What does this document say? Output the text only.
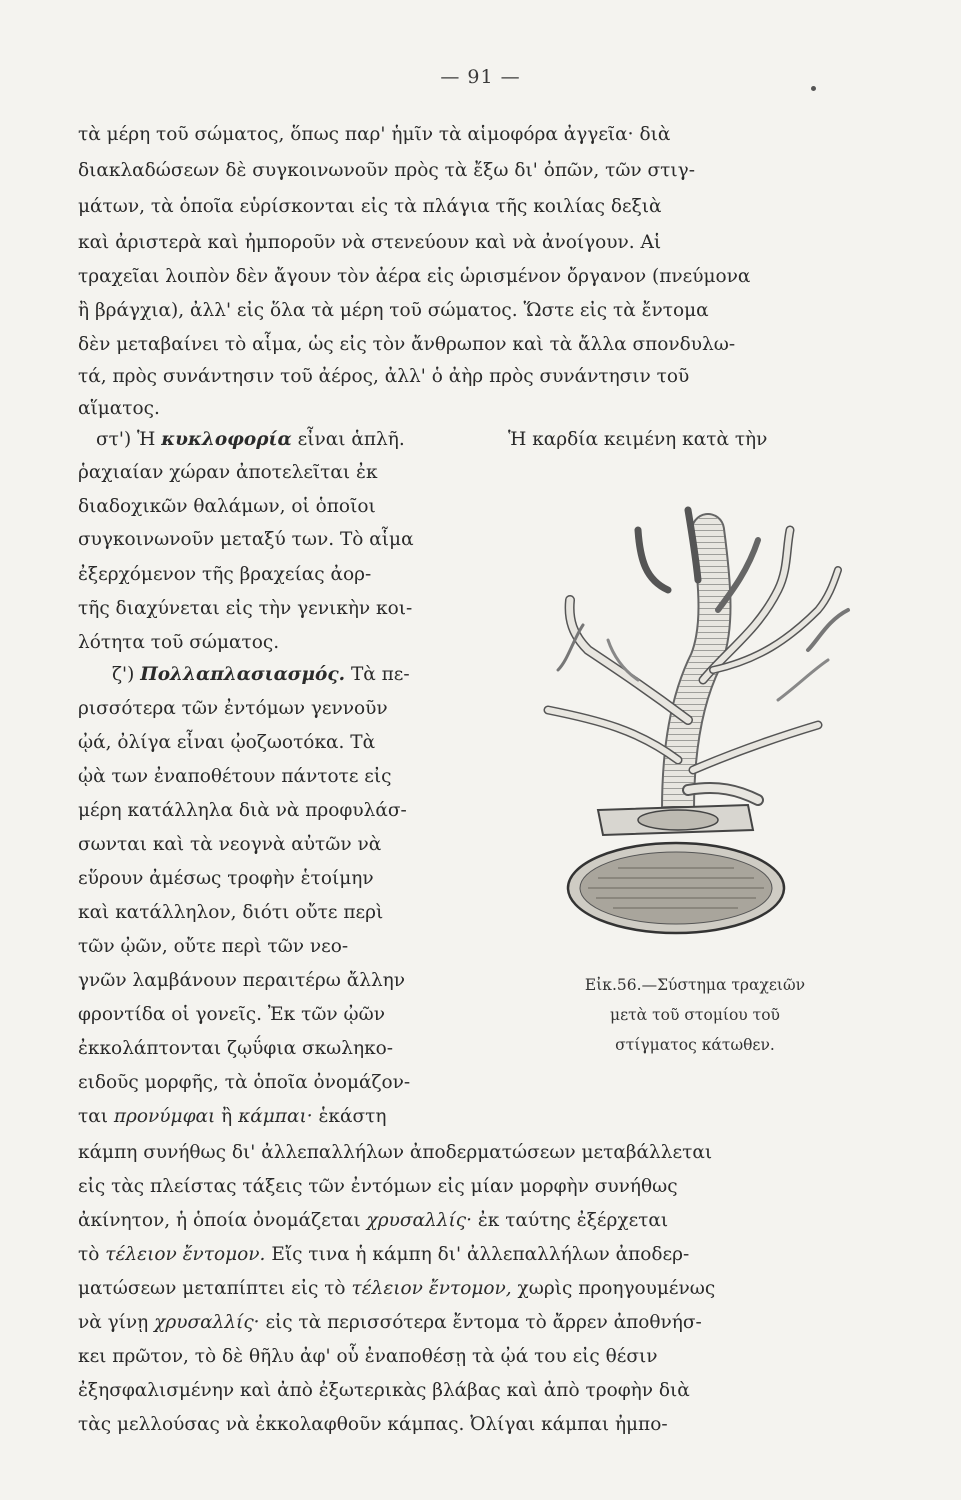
— 91 —

τὰ μέρη τοῦ σώματος, ὅπως παρ' ἡμῖν τὰ αἱμοφόρα ἀγγεῖα· διὰ

διακλαδώσεων δὲ συγκοινωνοῦν πρὸς τὰ ἔξω δι' ὀπῶν, τῶν στιγ-

μάτων, τὰ ὁποῖα εὑρίσκονται εἰς τὰ πλάγια τῆς κοιλίας δεξιὰ

καὶ ἀριστερὰ καὶ ἠμποροῦν νὰ στενεύουν καὶ νὰ ἀνοίγουν. Αἱ

τραχεῖαι λοιπὸν δὲν ἄγουν τὸν ἀέρα εἰς ὡρισμένον ὄργανον (πνεύμονα

ἢ βράγχια), ἀλλ' εἰς ὅλα τὰ μέρη τοῦ σώματος. Ὥστε εἰς τὰ ἔντομα

δὲν μεταβαίνει τὸ αἷμα, ὡς εἰς τὸν ἄνθρωπον καὶ τὰ ἄλλα σπονδυλω-

τά, πρὸς συνάντησιν τοῦ ἀέρος, ἀλλ' ὁ ἀὴρ πρὸς συνάντησιν τοῦ

αἵματος.

στ') Ἡ κυκλοφορία εἶναι ἁπλῆ.	Ἡ καρδία κειμένη κατὰ τὴν

ῥαχιαίαν χώραν ἀποτελεῖται ἐκ

διαδοχικῶν θαλάμων, οἱ ὁποῖοι

συγκοινωνοῦν μεταξύ των. Τὸ αἷμα

ἐξερχόμενον τῆς βραχείας ἀορ-

τῆς διαχύνεται εἰς τὴν γενικὴν κοι-

λότητα τοῦ σώματος.

ζ') Πολλαπλασιασμός. Τὰ πε-

ρισσότερα τῶν ἐντόμων γεννοῦν

ᾠά, ὀλίγα εἶναι ᾠοζωοτόκα. Τὰ

ᾠὰ των ἐναποθέτουν πάντοτε εἰς

μέρη κατάλληλα διὰ νὰ προφυλάσ-

σωνται καὶ τὰ νεογνὰ αὐτῶν νὰ

εὕρουν ἀμέσως τροφὴν ἑτοίμην

καὶ κατάλληλον, διότι οὔτε περὶ

τῶν ᾠῶν, οὔτε περὶ τῶν νεο-

γνῶν λαμβάνουν περαιτέρω ἄλλην

φροντίδα οἱ γονεῖς. Ἐκ τῶν ᾠῶν

ἐκκολάπτονται ζῳΰφια σκωληκο-

ειδοῦς μορφῆς, τὰ ὁποῖα ὀνομάζον-

ται προνύμφαι ἢ κάμπαι· ἑκάστη

κάμπη συνήθως δι' ἀλλεπαλλήλων ἀποδερματώσεων μεταβάλλεται

εἰς τὰς πλείστας τάξεις τῶν ἐντόμων εἰς μίαν μορφὴν συνήθως

ἀκίνητον, ἡ ὁποία ὀνομάζεται χρυσαλλίς· ἐκ ταύτης ἐξέρχεται

τὸ τέλειον ἔντομον. Εἴς τινα ἡ κάμπη δι' ἀλλεπαλλήλων ἀποδερ-

ματώσεων μεταπίπτει εἰς τὸ τέλειον ἔντομον, χωρὶς προηγουμένως

νὰ γίνῃ χρυσαλλίς· εἰς τὰ περισσότερα ἔντομα τὸ ἄρρεν ἀποθνήσ-

κει πρῶτον, τὸ δὲ θῆλυ ἀφ' οὗ ἐναποθέσῃ τὰ ᾠά του εἰς θέσιν

ἐξησφαλισμένην καὶ ἀπὸ ἐξωτερικὰς βλάβας καὶ ἀπὸ τροφὴν διὰ

τὰς μελλούσας νὰ ἐκκολαφθοῦν κάμπας. Ὀλίγαι κάμπαι ἠμπο-

Εἰκ.56.—Σύστημα τραχειῶν
μετὰ τοῦ στομίου τοῦ
στίγματος κάτωθεν.
